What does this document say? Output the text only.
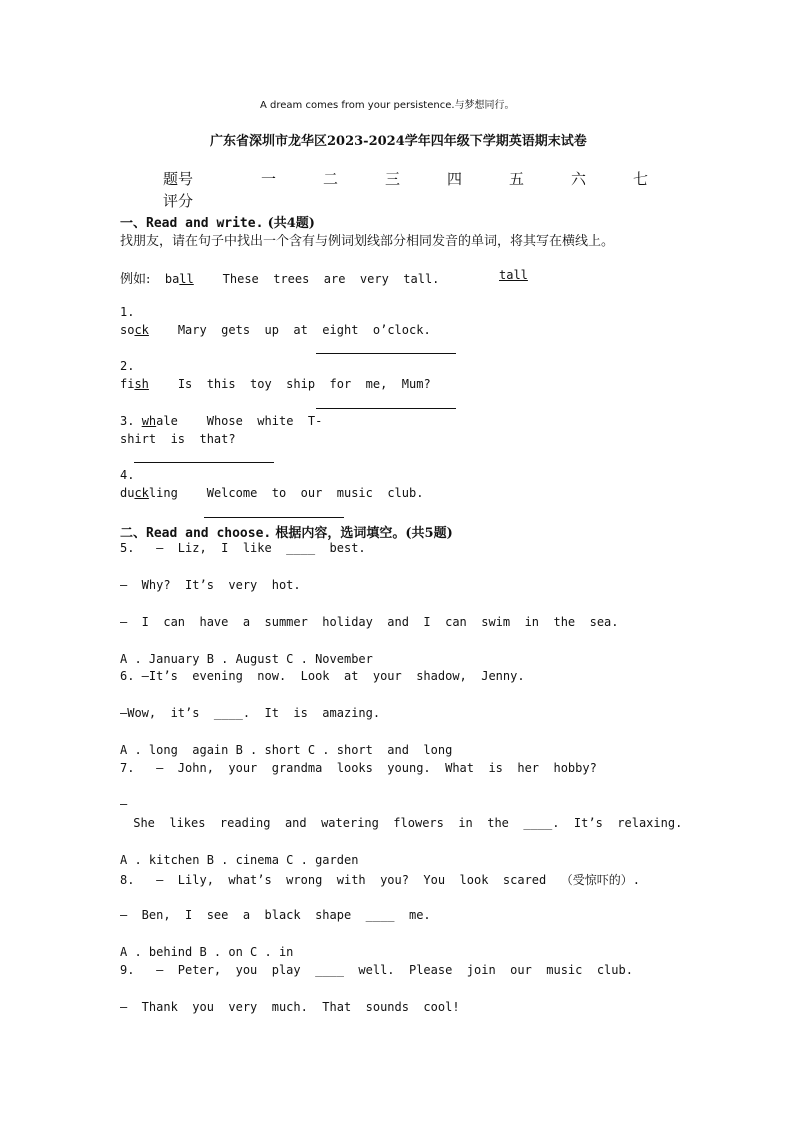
A dream comes from your persistence.与梦想同行。
广东省深圳市龙华区2023-2024学年四年级下学期英语期末试卷
题号	一	二	三	四	五	六	七
评分
一、Read and write. (共4题)
找朋友，请在句子中找出一个含有与例词划线部分相同发音的单词，将其写在横线上。
例如: ball These  trees  are  very  tall.	tall
1.
sock Mary  gets  up  at  eight  o’clock.
2.
fish Is  this  toy  ship  for  me,  Mum?
3. whale Whose  white  T-
shirt  is  that?
4.
duckling Welcome  to  our  music  club.
二、Read and choose. 根据内容，选词填空。(共5题)
5.   —  Liz,  I  like  ____  best.
—  Why?  It’s  very  hot.
—  I  can  have  a  summer  holiday  and  I  can  swim  in  the  sea.
A . January B . August C . November
6. —It’s  evening  now.  Look  at  your  shadow,  Jenny.
—Wow,  it’s  ____.  It  is  amazing.
A . long  again B . short C . short  and  long
7.   —  John,  your  grandma  looks  young.  What  is  her  hobby?
—
She  likes  reading  and  watering  flowers  in  the  ____.  It’s  relaxing.
A . kitchen B . cinema C . garden
8.   —  Lily,  what’s  wrong  with  you?  You  look  scared  （受惊吓的）.
—  Ben,  I  see  a  black  shape  ____  me.
A . behind B . on C . in
9.   —  Peter,  you  play  ____  well.  Please  join  our  music  club.
—  Thank  you  very  much.  That  sounds  cool!
